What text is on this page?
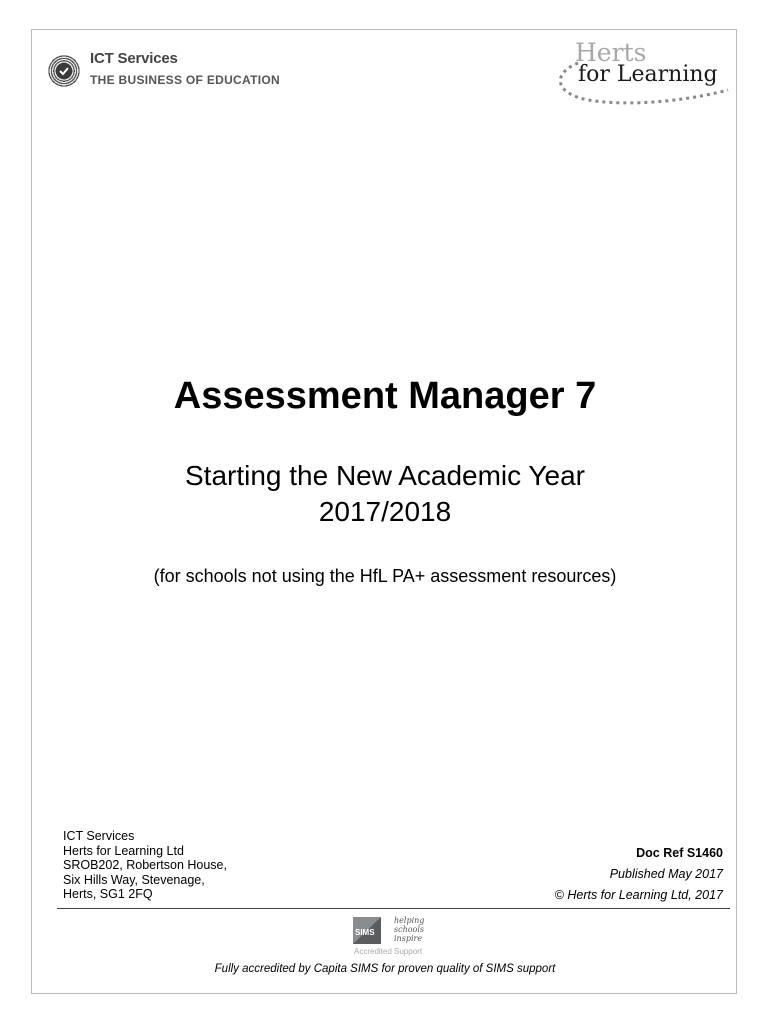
ICT Services
THE BUSINESS OF EDUCATION
Herts
for Learning
Assessment Manager 7
Starting the New Academic Year
2017/2018
(for schools not using the HfL PA+ assessment resources)
ICT Services
Herts for Learning Ltd
SROB202, Robertson House,
Six Hills Way, Stevenage,
Herts, SG1 2FQ
Doc Ref S1460
Published May 2017
© Herts for Learning Ltd, 2017
SIMS
helping
schools
inspire
Accredited Support
Fully accredited by Capita SIMS for proven quality of SIMS support
